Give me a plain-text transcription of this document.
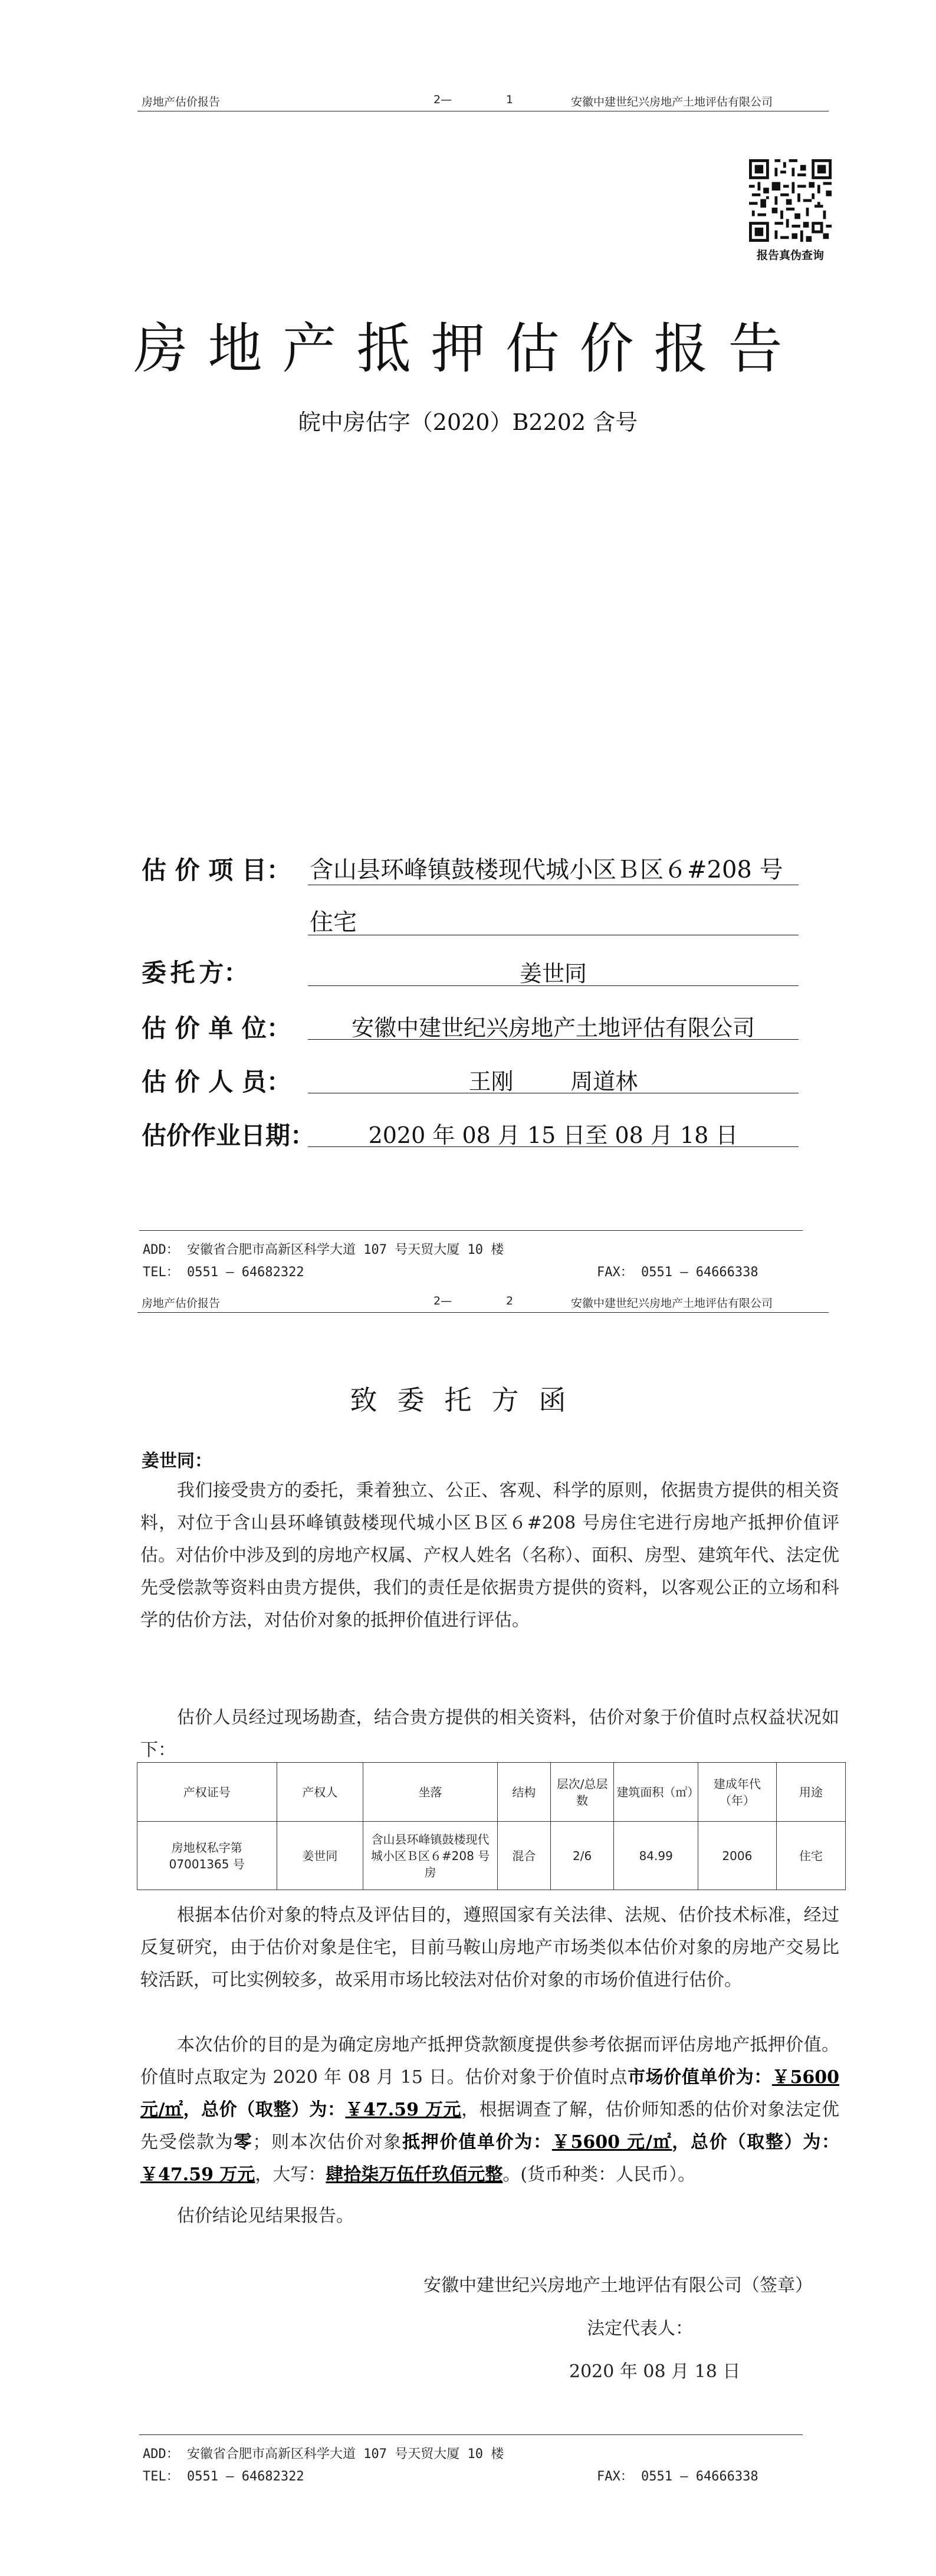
房地产估价报告	2—	1	安徽中建世纪兴房地产土地评估有限公司
报告真伪查询
房地产抵押估价报告
皖中房估字（2020）B2202 含号
估 价 项 目： 含山县环峰镇鼓楼现代城小区Ｂ区６#208 号
住宅
委 托 方：	姜世同
估 价 单 位：	安徽中建世纪兴房地产土地评估有限公司
估 价 人 员：	王刚        周道林
估价作业日期：	2020 年 08 月 15 日至 08 月 18 日
ADD： 安徽省合肥市高新区科学大道 107 号天贸大厦 10 楼
TEL： 0551 — 64682322	FAX： 0551 — 64666338
房地产估价报告	2—	2	安徽中建世纪兴房地产土地评估有限公司
致委托方函
姜世同：
我们接受贵方的委托，秉着独立、公正、客观、科学的原则，依据贵方提供的相关资料，对位于含山县环峰镇鼓楼现代城小区Ｂ区６#208 号房住宅进行房地产抵押价值评估。对估价中涉及到的房地产权属、产权人姓名（名称）、面积、房型、建筑年代、法定优先受偿款等资料由贵方提供，我们的责任是依据贵方提供的资料，以客观公正的立场和科学的估价方法，对估价对象的抵押价值进行评估。
估价人员经过现场勘查，结合贵方提供的相关资料，估价对象于价值时点权益状况如下：
产权证号	产权人	坐落	结构	层次/总层数	建筑面积（㎡）	建成年代（年）	用途
房地权私字第 07001365 号	姜世同	含山县环峰镇鼓楼现代城小区Ｂ区６#208 号房	混合	2/6	84.99	2006	住宅
根据本估价对象的特点及评估目的，遵照国家有关法律、法规、估价技术标准，经过反复研究，由于估价对象是住宅，目前马鞍山房地产市场类似本估价对象的房地产交易比较活跃，可比实例较多，故采用市场比较法对估价对象的市场价值进行估价。
本次估价的目的是为确定房地产抵押贷款额度提供参考依据而评估房地产抵押价值。价值时点取定为 2020 年 08 月 15 日。估价对象于价值时点市场价值单价为：￥5600 元/㎡，总价（取整）为：￥47.59 万元，根据调查了解，估价师知悉的估价对象法定优先受偿款为零；则本次估价对象抵押价值单价为：￥5600 元/㎡，总价（取整）为：￥47.59 万元，大写：肆拾柒万伍仟玖佰元整。(货币种类：人民币）。
估价结论见结果报告。
安徽中建世纪兴房地产土地评估有限公司（签章）
法定代表人：
2020 年 08 月 18 日
ADD： 安徽省合肥市高新区科学大道 107 号天贸大厦 10 楼
TEL： 0551 — 64682322	FAX： 0551 — 64666338
